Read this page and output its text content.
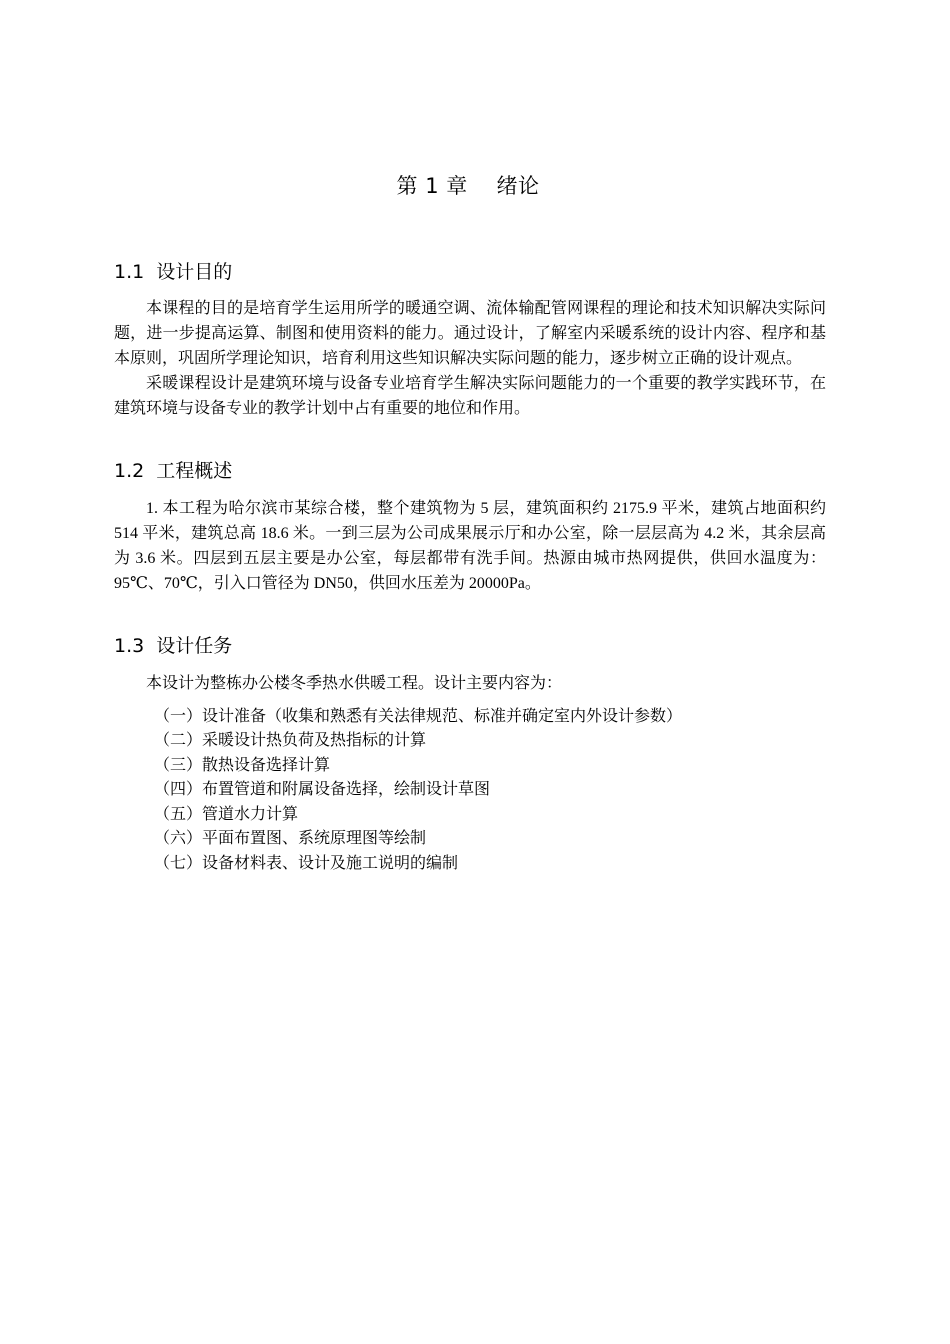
第 1 章    绪论
1.1  设计目的

本课程的目的是培育学生运用所学的暖通空调、流体输配管网课程的理论和技术知识解决实际问题，进一步提高运算、制图和使用资料的能力。通过设计，了解室内采暖系统的设计内容、程序和基本原则，巩固所学理论知识，培育利用这些知识解决实际问题的能力，逐步树立正确的设计观点。

采暖课程设计是建筑环境与设备专业培育学生解决实际问题能力的一个重要的教学实践环节，在建筑环境与设备专业的教学计划中占有重要的地位和作用。

1.2  工程概述

1. 本工程为哈尔滨市某综合楼，整个建筑物为 5 层，建筑面积约 2175.9 平米，建筑占地面积约 514 平米，建筑总高 18.6 米。一到三层为公司成果展示厅和办公室，除一层层高为 4.2 米，其余层高为 3.6 米。四层到五层主要是办公室，每层都带有洗手间。热源由城市热网提供，供回水温度为：95℃、70℃，引入口管径为 DN50，供回水压差为 20000Pa。

1.3  设计任务

本设计为整栋办公楼冬季热水供暖工程。设计主要内容为：

（一）设计准备（收集和熟悉有关法律规范、标准并确定室内外设计参数）
（二）采暖设计热负荷及热指标的计算
（三）散热设备选择计算
（四）布置管道和附属设备选择，绘制设计草图
（五）管道水力计算
（六）平面布置图、系统原理图等绘制
（七）设备材料表、设计及施工说明的编制
